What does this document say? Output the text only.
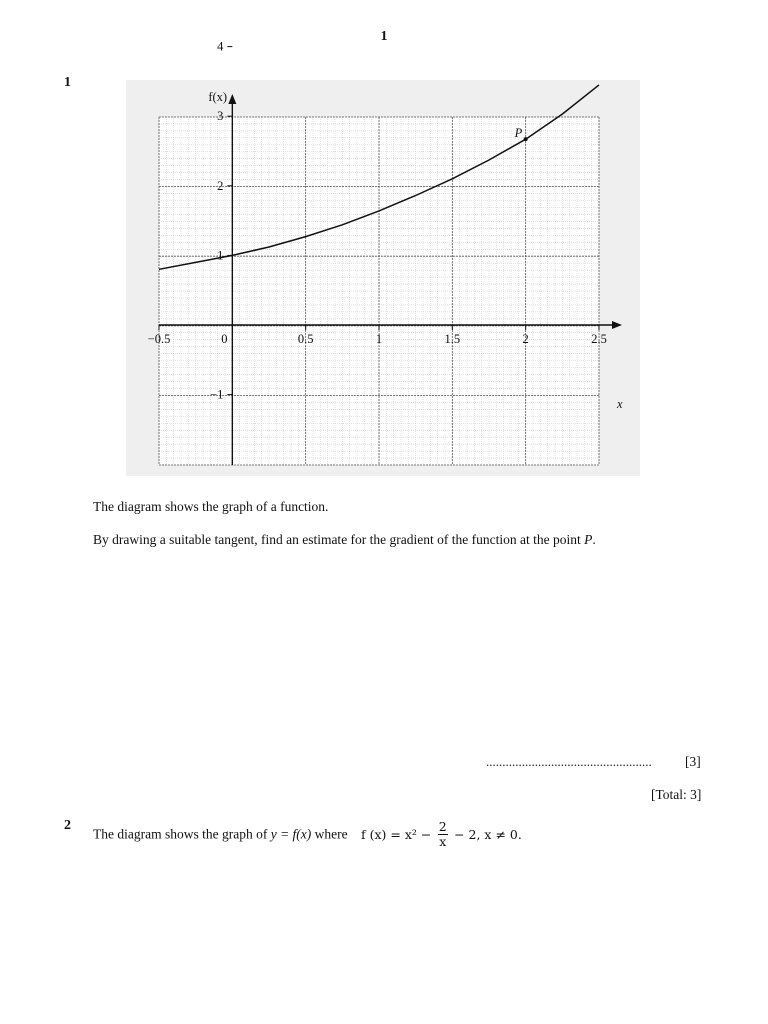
1
1
−0.5	0	0.5	1	1.5	2	2.5
4
3
2
1
−1
P
f(x)
x
The diagram shows the graph of a function.
By drawing a suitable tangent, find an estimate for the gradient of the function at the point P.
................................................... [3]
[Total: 3]
2
The diagram shows the graph of y = f(x) where f $(x) = x^2 - \frac{2}{x} - 2$, x ≠ 0.
